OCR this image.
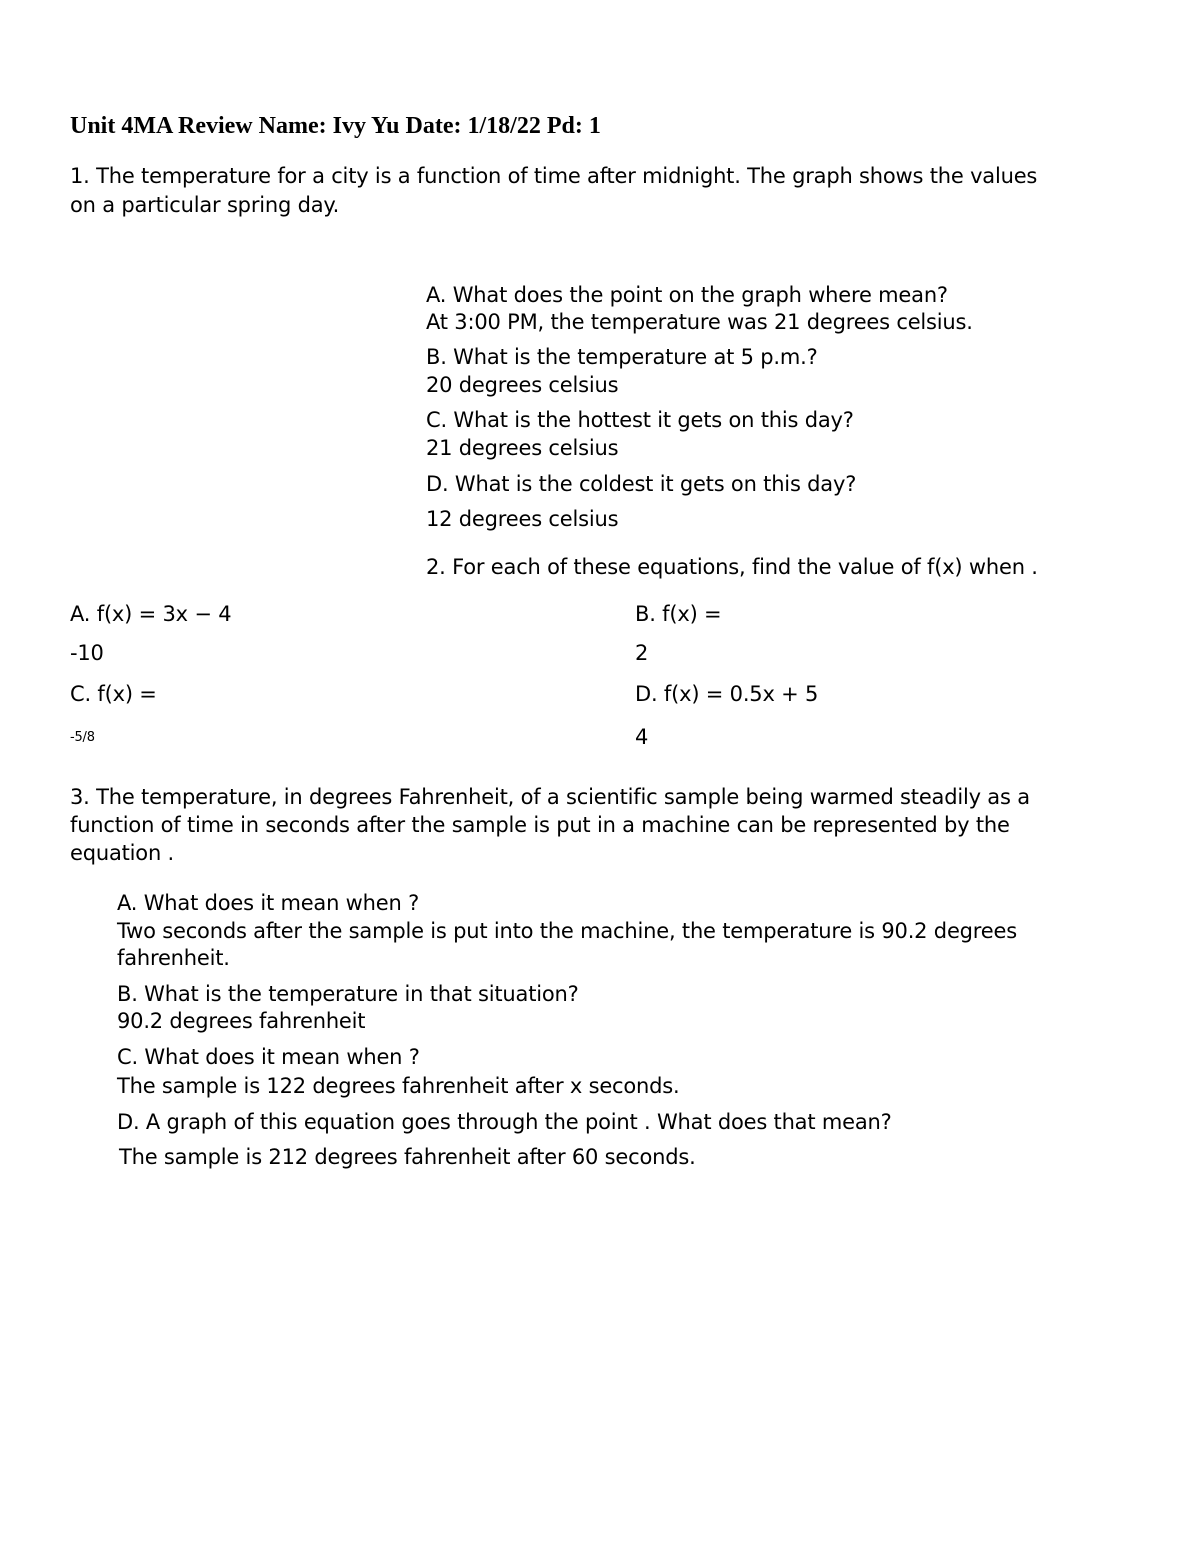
Unit 4MA Review Name: Ivy Yu Date: 1/18/22 Pd: 1
1. The temperature for a city is a function of time after midnight. The graph shows the values
on a particular spring day.
A. What does the point on the graph where mean?
At 3:00 PM, the temperature was 21 degrees celsius.
B. What is the temperature at 5 p.m.?
20 degrees celsius
C. What is the hottest it gets on this day?
21 degrees celsius
D. What is the coldest it gets on this day?
12 degrees celsius
2. For each of these equations, find the value of f(x) when .
A. f(x) = 3x − 4
-10
C. f(x) =
-5/8
B. f(x) =
2
D. f(x) = 0.5x + 5
4
3. The temperature, in degrees Fahrenheit, of a scientific sample being warmed steadily as a
function of time in seconds after the sample is put in a machine can be represented by the
equation .
A. What does it mean when ?
Two seconds after the sample is put into the machine, the temperature is 90.2 degrees
fahrenheit.
B. What is the temperature in that situation?
90.2 degrees fahrenheit
C. What does it mean when ?
The sample is 122 degrees fahrenheit after x seconds.
D. A graph of this equation goes through the point . What does that mean?
The sample is 212 degrees fahrenheit after 60 seconds.
